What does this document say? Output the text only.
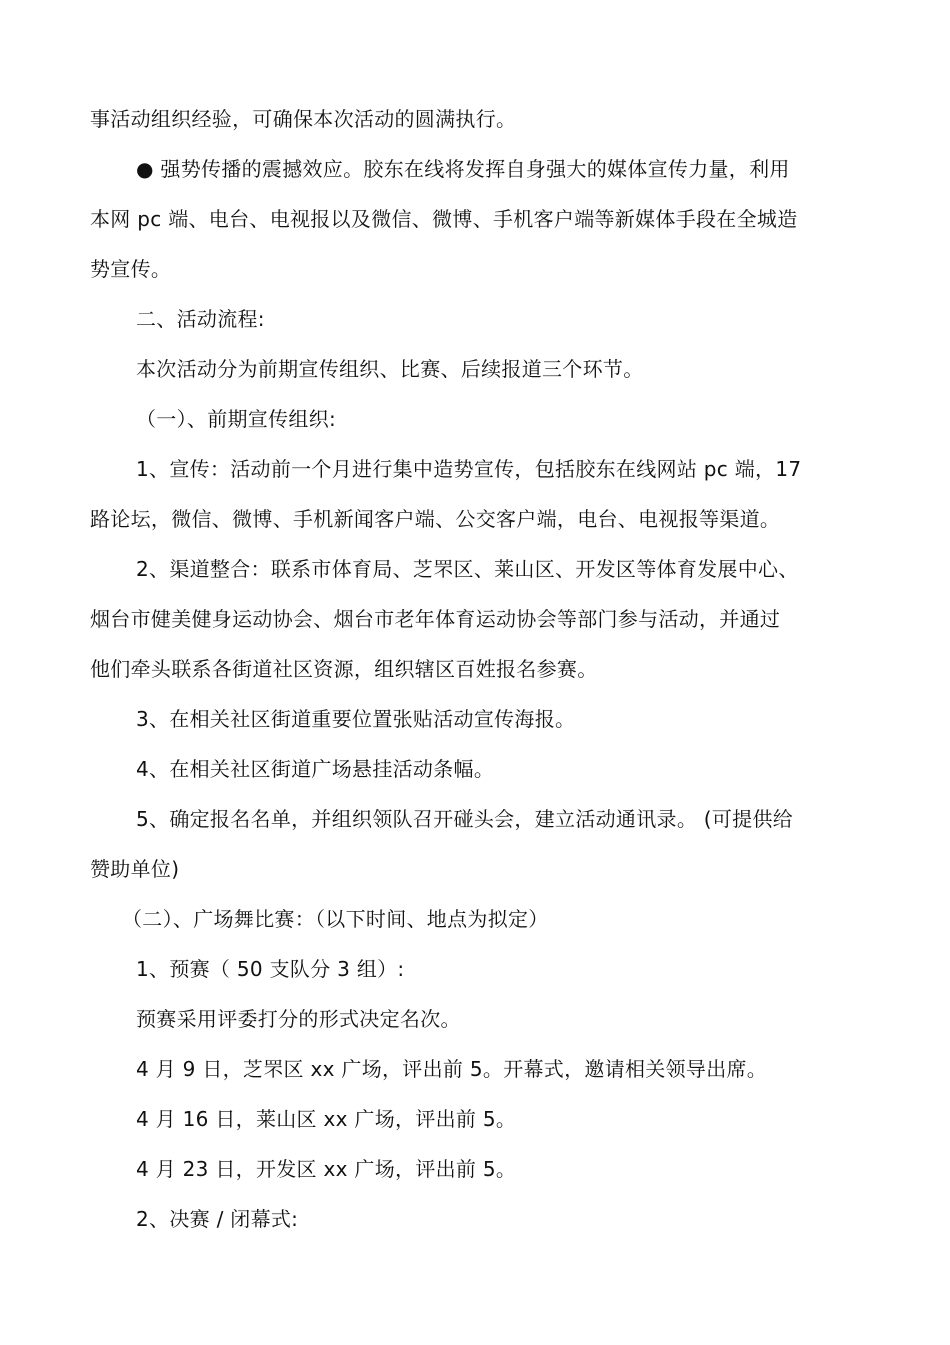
事活动组织经验，可确保本次活动的圆满执行。
● 强势传播的震撼效应。胶东在线将发挥自身强大的媒体宣传力量，利用
本网 pc 端、电台、电视报以及微信、微博、手机客户端等新媒体手段在全城造
势宣传。
二、活动流程:
本次活动分为前期宣传组织、比赛、后续报道三个环节。
（一）、前期宣传组织:
1、宣传：活动前一个月进行集中造势宣传，包括胶东在线网站 pc 端，17
路论坛，微信、微博、手机新闻客户端、公交客户端，电台、电视报等渠道。
2、渠道整合：联系市体育局、芝罘区、莱山区、开发区等体育发展中心、
烟台市健美健身运动协会、烟台市老年体育运动协会等部门参与活动，并通过
他们牵头联系各街道社区资源，组织辖区百姓报名参赛。
3、在相关社区街道重要位置张贴活动宣传海报。
4、在相关社区街道广场悬挂活动条幅。
5、确定报名名单，并组织领队召开碰头会，建立活动通讯录。 (可提供给
赞助单位)
（二）、广场舞比赛：（以下时间、地点为拟定）
1、预赛（ 50 支队分 3 组）:
预赛采用评委打分的形式决定名次。
4 月 9 日，芝罘区 xx 广场，评出前 5。开幕式，邀请相关领导出席。
4 月 16 日，莱山区 xx 广场，评出前 5。
4 月 23 日，开发区 xx 广场，评出前 5。
2、决赛 / 闭幕式:
